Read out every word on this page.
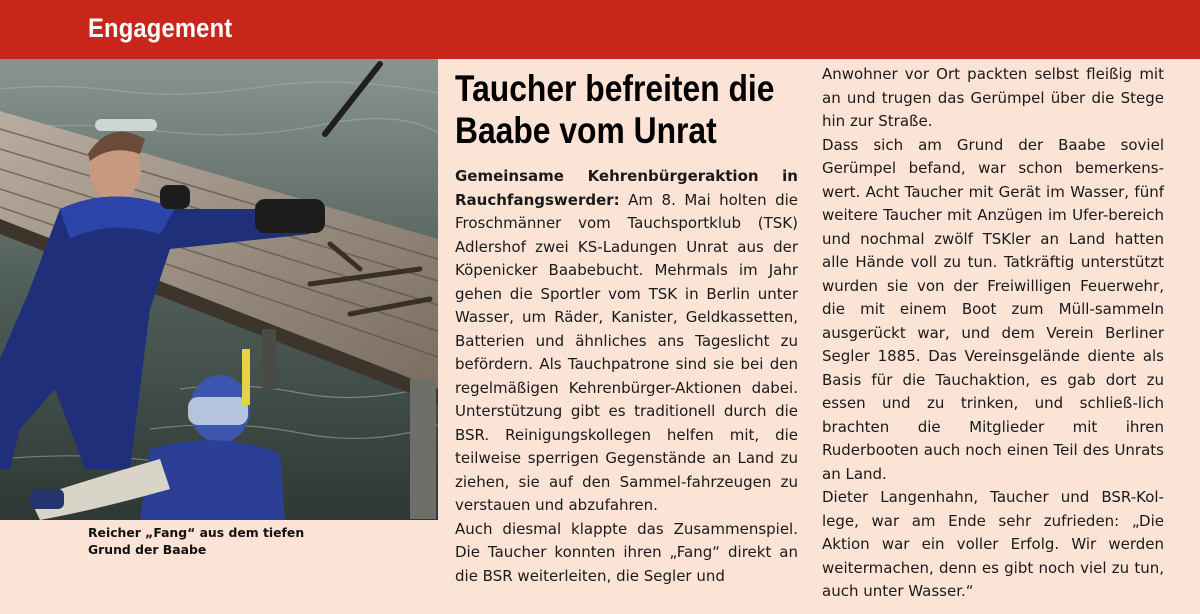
Engagement
Reicher „Fang“ aus dem tiefen Grund der Baabe
Taucher befreiten die Baabe vom Unrat

Gemeinsame Kehrenbürgeraktion in Rauchfangswerder: Am 8. Mai holten die Froschmänner vom Tauchsportklub (TSK) Adlershof zwei KS-Ladungen Unrat aus der Köpenicker Baabebucht. Mehrmals im Jahr gehen die Sportler vom TSK in Berlin unter Wasser, um Räder, Kanister, Geldkassetten, Batterien und ähnliches ans Tageslicht zu befördern. Als Tauchpatrone sind sie bei den regelmäßigen Kehrenbürger-Aktionen dabei. Unterstützung gibt es traditionell durch die BSR. Reinigungskollegen helfen mit, die teilweise sperrigen Gegenstände an Land zu ziehen, sie auf den Sammel-fahrzeugen zu verstauen und abzufahren.

Auch diesmal klappte das Zusammenspiel. Die Taucher konnten ihren „Fang“ direkt an die BSR weiterleiten, die Segler und

Anwohner vor Ort packten selbst fleißig mit an und trugen das Gerümpel über die Stege hin zur Straße.

Dass sich am Grund der Baabe soviel Gerümpel befand, war schon bemerkens-wert. Acht Taucher mit Gerät im Wasser, fünf weitere Taucher mit Anzügen im Ufer-bereich und nochmal zwölf TSKler an Land hatten alle Hände voll zu tun. Tatkräftig unterstützt wurden sie von der Freiwilligen Feuerwehr, die mit einem Boot zum Müll-sammeln ausgerückt war, und dem Verein Berliner Segler 1885. Das Vereinsgelände diente als Basis für die Tauchaktion, es gab dort zu essen und zu trinken, und schließ-lich brachten die Mitglieder mit ihren Ruderbooten auch noch einen Teil des Unrats an Land.

Dieter Langenhahn, Taucher und BSR-Kol-lege, war am Ende sehr zufrieden: „Die Aktion war ein voller Erfolg. Wir werden weitermachen, denn es gibt noch viel zu tun, auch unter Wasser.“
